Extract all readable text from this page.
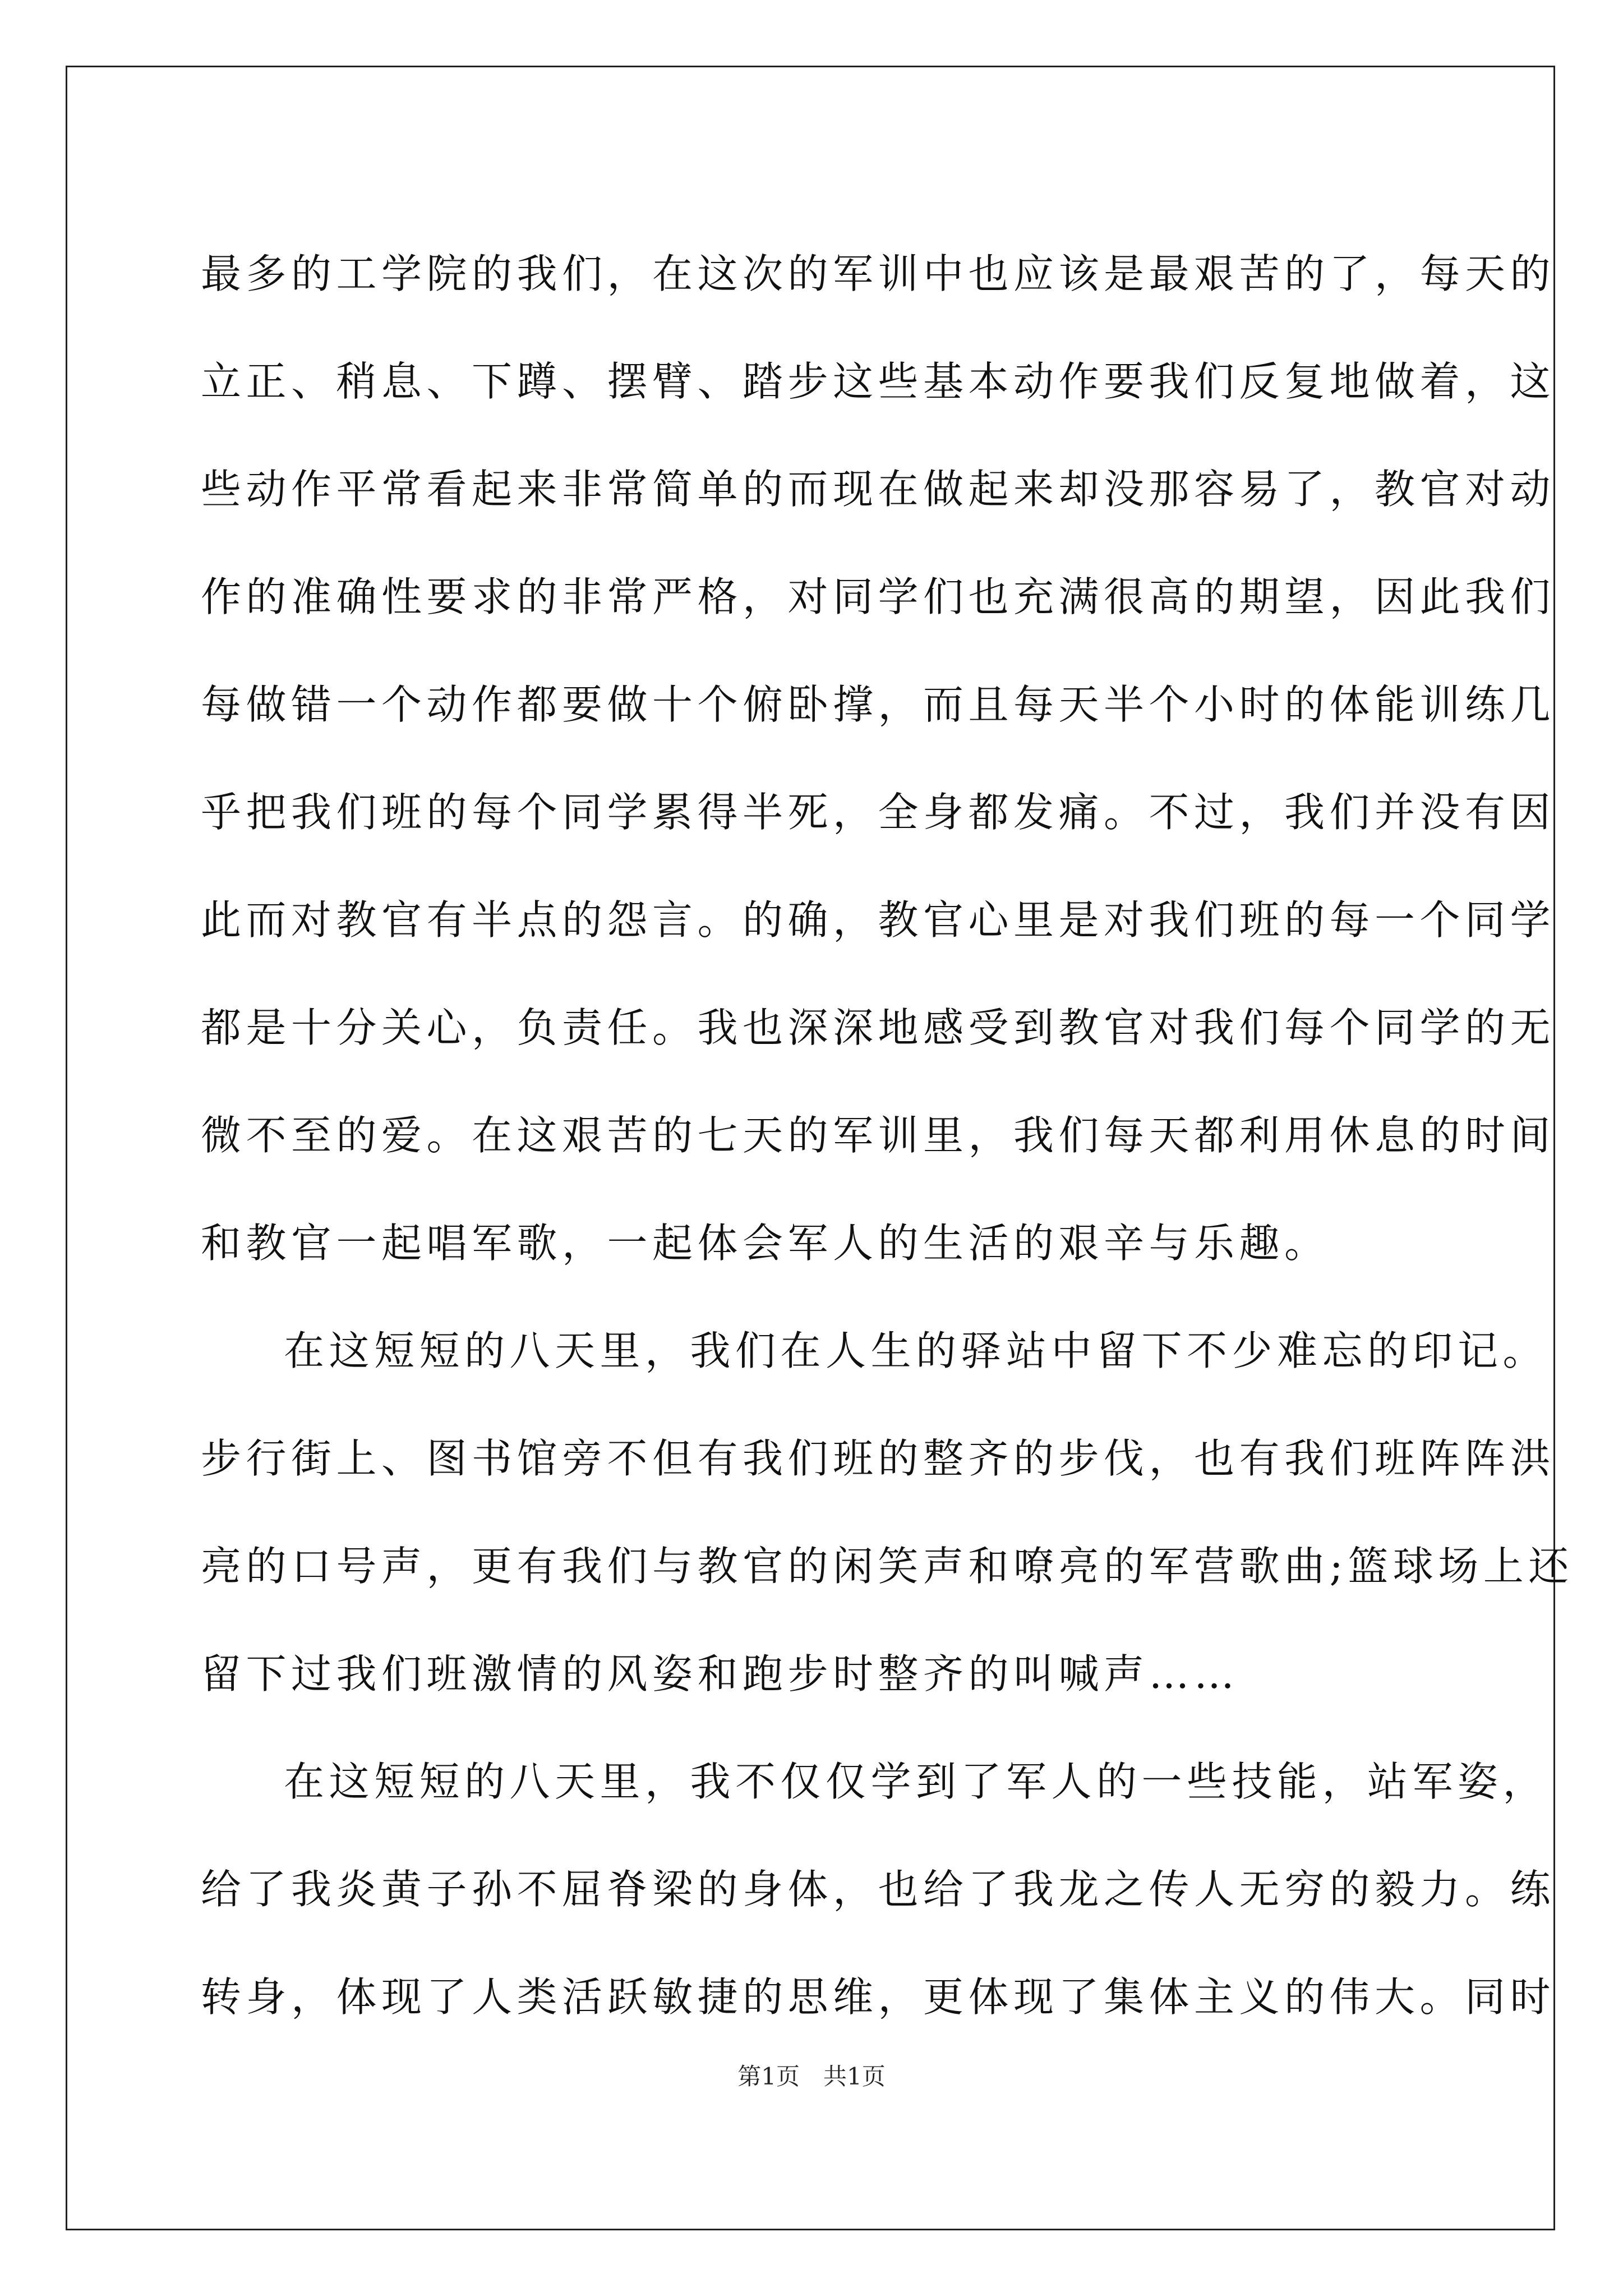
最多的工学院的我们，在这次的军训中也应该是最艰苦的了，每天的
立正、稍息、下蹲、摆臂、踏步这些基本动作要我们反复地做着，这
些动作平常看起来非常简单的而现在做起来却没那容易了，教官对动
作的准确性要求的非常严格，对同学们也充满很高的期望，因此我们
每做错一个动作都要做十个俯卧撑，而且每天半个小时的体能训练几
乎把我们班的每个同学累得半死，全身都发痛。不过，我们并没有因
此而对教官有半点的怨言。的确，教官心里是对我们班的每一个同学
都是十分关心，负责任。我也深深地感受到教官对我们每个同学的无
微不至的爱。在这艰苦的七天的军训里，我们每天都利用休息的时间
和教官一起唱军歌，一起体会军人的生活的艰辛与乐趣。
在这短短的八天里，我们在人生的驿站中留下不少难忘的印记。
步行街上、图书馆旁不但有我们班的整齐的步伐，也有我们班阵阵洪
亮的口号声，更有我们与教官的闲笑声和嘹亮的军营歌曲;篮球场上还
留下过我们班激情的风姿和跑步时整齐的叫喊声……
在这短短的八天里，我不仅仅学到了军人的一些技能，站军姿，
给了我炎黄子孙不屈脊梁的身体，也给了我龙之传人无穷的毅力。练
转身，体现了人类活跃敏捷的思维，更体现了集体主义的伟大。同时
第1页　共1页
